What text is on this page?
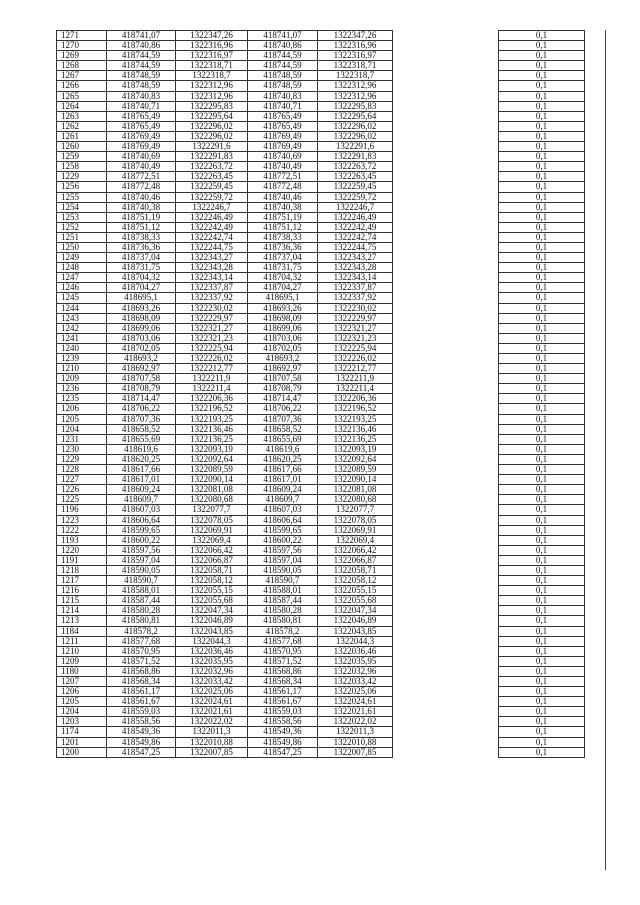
1271	418741,07	1322347,26	418741,07	1322347,26		0,1
1270	418740,86	1322316,96	418740,86	1322316,96		0,1
1269	418744,59	1322316,97	418744,59	1322316,97		0,1
1268	418744,59	1322318,71	418744,59	1322318,71		0,1
1267	418748,59	1322318,7	418748,59	1322318,7		0,1
1266	418748,59	1322312,96	418748,59	1322312,96		0,1
1265	418740,83	1322312,96	418740,83	1322312,96		0,1
1264	418740,71	1322295,83	418740,71	1322295,83		0,1
1263	418765,49	1322295,64	418765,49	1322295,64		0,1
1262	418765,49	1322296,02	418765,49	1322296,02		0,1
1261	418769,49	1322296,02	418769,49	1322296,02		0,1
1260	418769,49	1322291,6	418769,49	1322291,6		0,1
1259	418740,69	1322291,83	418740,69	1322291,83		0,1
1258	418740,49	1322263,72	418740,49	1322263,72		0,1
1229	418772,51	1322263,45	418772,51	1322263,45		0,1
1256	418772,48	1322259,45	418772,48	1322259,45		0,1
1255	418740,46	1322259,72	418740,46	1322259,72		0,1
1254	418740,38	1322246,7	418740,38	1322246,7		0,1
1253	418751,19	1322246,49	418751,19	1322246,49		0,1
1252	418751,12	1322242,49	418751,12	1322242,49		0,1
1251	418738,33	1322242,74	418738,33	1322242,74		0,1
1250	418736,36	1322244,75	418736,36	1322244,75		0,1
1249	418737,04	1322343,27	418737,04	1322343,27		0,1
1248	418731,75	1322343,28	418731,75	1322343,28		0,1
1247	418704,32	1322343,14	418704,32	1322343,14		0,1
1246	418704,27	1322337,87	418704,27	1322337,87		0,1
1245	418695,1	1322337,92	418695,1	1322337,92		0,1
1244	418693,26	1322230,02	418693,26	1322230,02		0,1
1243	418698,09	1322229,97	418698,09	1322229,97		0,1
1242	418699,06	1322321,27	418699,06	1322321,27		0,1
1241	418703,06	1322321,23	418703,06	1322321,23		0,1
1240	418702,05	1322225,94	418702,05	1322225,94		0,1
1239	418693,2	1322226,02	418693,2	1322226,02		0,1
1210	418692,97	1322212,77	418692,97	1322212,77		0,1
1209	418707,58	1322211,9	418707,58	1322211,9		0,1
1236	418708,79	1322211,4	418708,79	1322211,4		0,1
1235	418714,47	1322206,36	418714,47	1322206,36		0,1
1206	418706,22	1322196,52	418706,22	1322196,52		0,1
1205	418707,36	1322193,25	418707,36	1322193,25		0,1
1204	418658,52	1322136,46	418658,52	1322136,46		0,1
1231	418655,69	1322136,25	418655,69	1322136,25		0,1
1230	418619,6	1322093,19	418619,6	1322093,19		0,1
1229	418620,25	1322092,64	418620,25	1322092,64		0,1
1228	418617,66	1322089,59	418617,66	1322089,59		0,1
1227	418617,01	1322090,14	418617,01	1322090,14		0,1
1226	418609,24	1322081,08	418609,24	1322081,08		0,1
1225	418609,7	1322080,68	418609,7	1322080,68		0,1
1196	418607,03	1322077,7	418607,03	1322077,7		0,1
1223	418606,64	1322078,05	418606,64	1322078,05		0,1
1222	418599,65	1322069,91	418599,65	1322069,91		0,1
1193	418600,22	1322069,4	418600,22	1322069,4		0,1
1220	418597,56	1322066,42	418597,56	1322066,42		0,1
1191	418597,04	1322066,87	418597,04	1322066,87		0,1
1218	418590,05	1322058,71	418590,05	1322058,71		0,1
1217	418590,7	1322058,12	418590,7	1322058,12		0,1
1216	418588,01	1322055,15	418588,01	1322055,15		0,1
1215	418587,44	1322055,68	418587,44	1322055,68		0,1
1214	418580,28	1322047,34	418580,28	1322047,34		0,1
1213	418580,81	1322046,89	418580,81	1322046,89		0,1
1184	418578,2	1322043,85	418578,2	1322043,85		0,1
1211	418577,68	1322044,3	418577,68	1322044,3		0,1
1210	418570,95	1322036,46	418570,95	1322036,46		0,1
1209	418571,52	1322035,95	418571,52	1322035,95		0,1
1180	418568,86	1322032,96	418568,86	1322032,96		0,1
1207	418568,34	1322033,42	418568,34	1322033,42		0,1
1206	418561,17	1322025,06	418561,17	1322025,06		0,1
1205	418561,67	1322024,61	418561,67	1322024,61		0,1
1204	418559,03	1322021,61	418559,03	1322021,61		0,1
1203	418558,56	1322022,02	418558,56	1322022,02		0,1
1174	418549,36	1322011,3	418549,36	1322011,3		0,1
1201	418549,86	1322010,88	418549,86	1322010,88		0,1
1200	418547,25	1322007,85	418547,25	1322007,85		0,1
